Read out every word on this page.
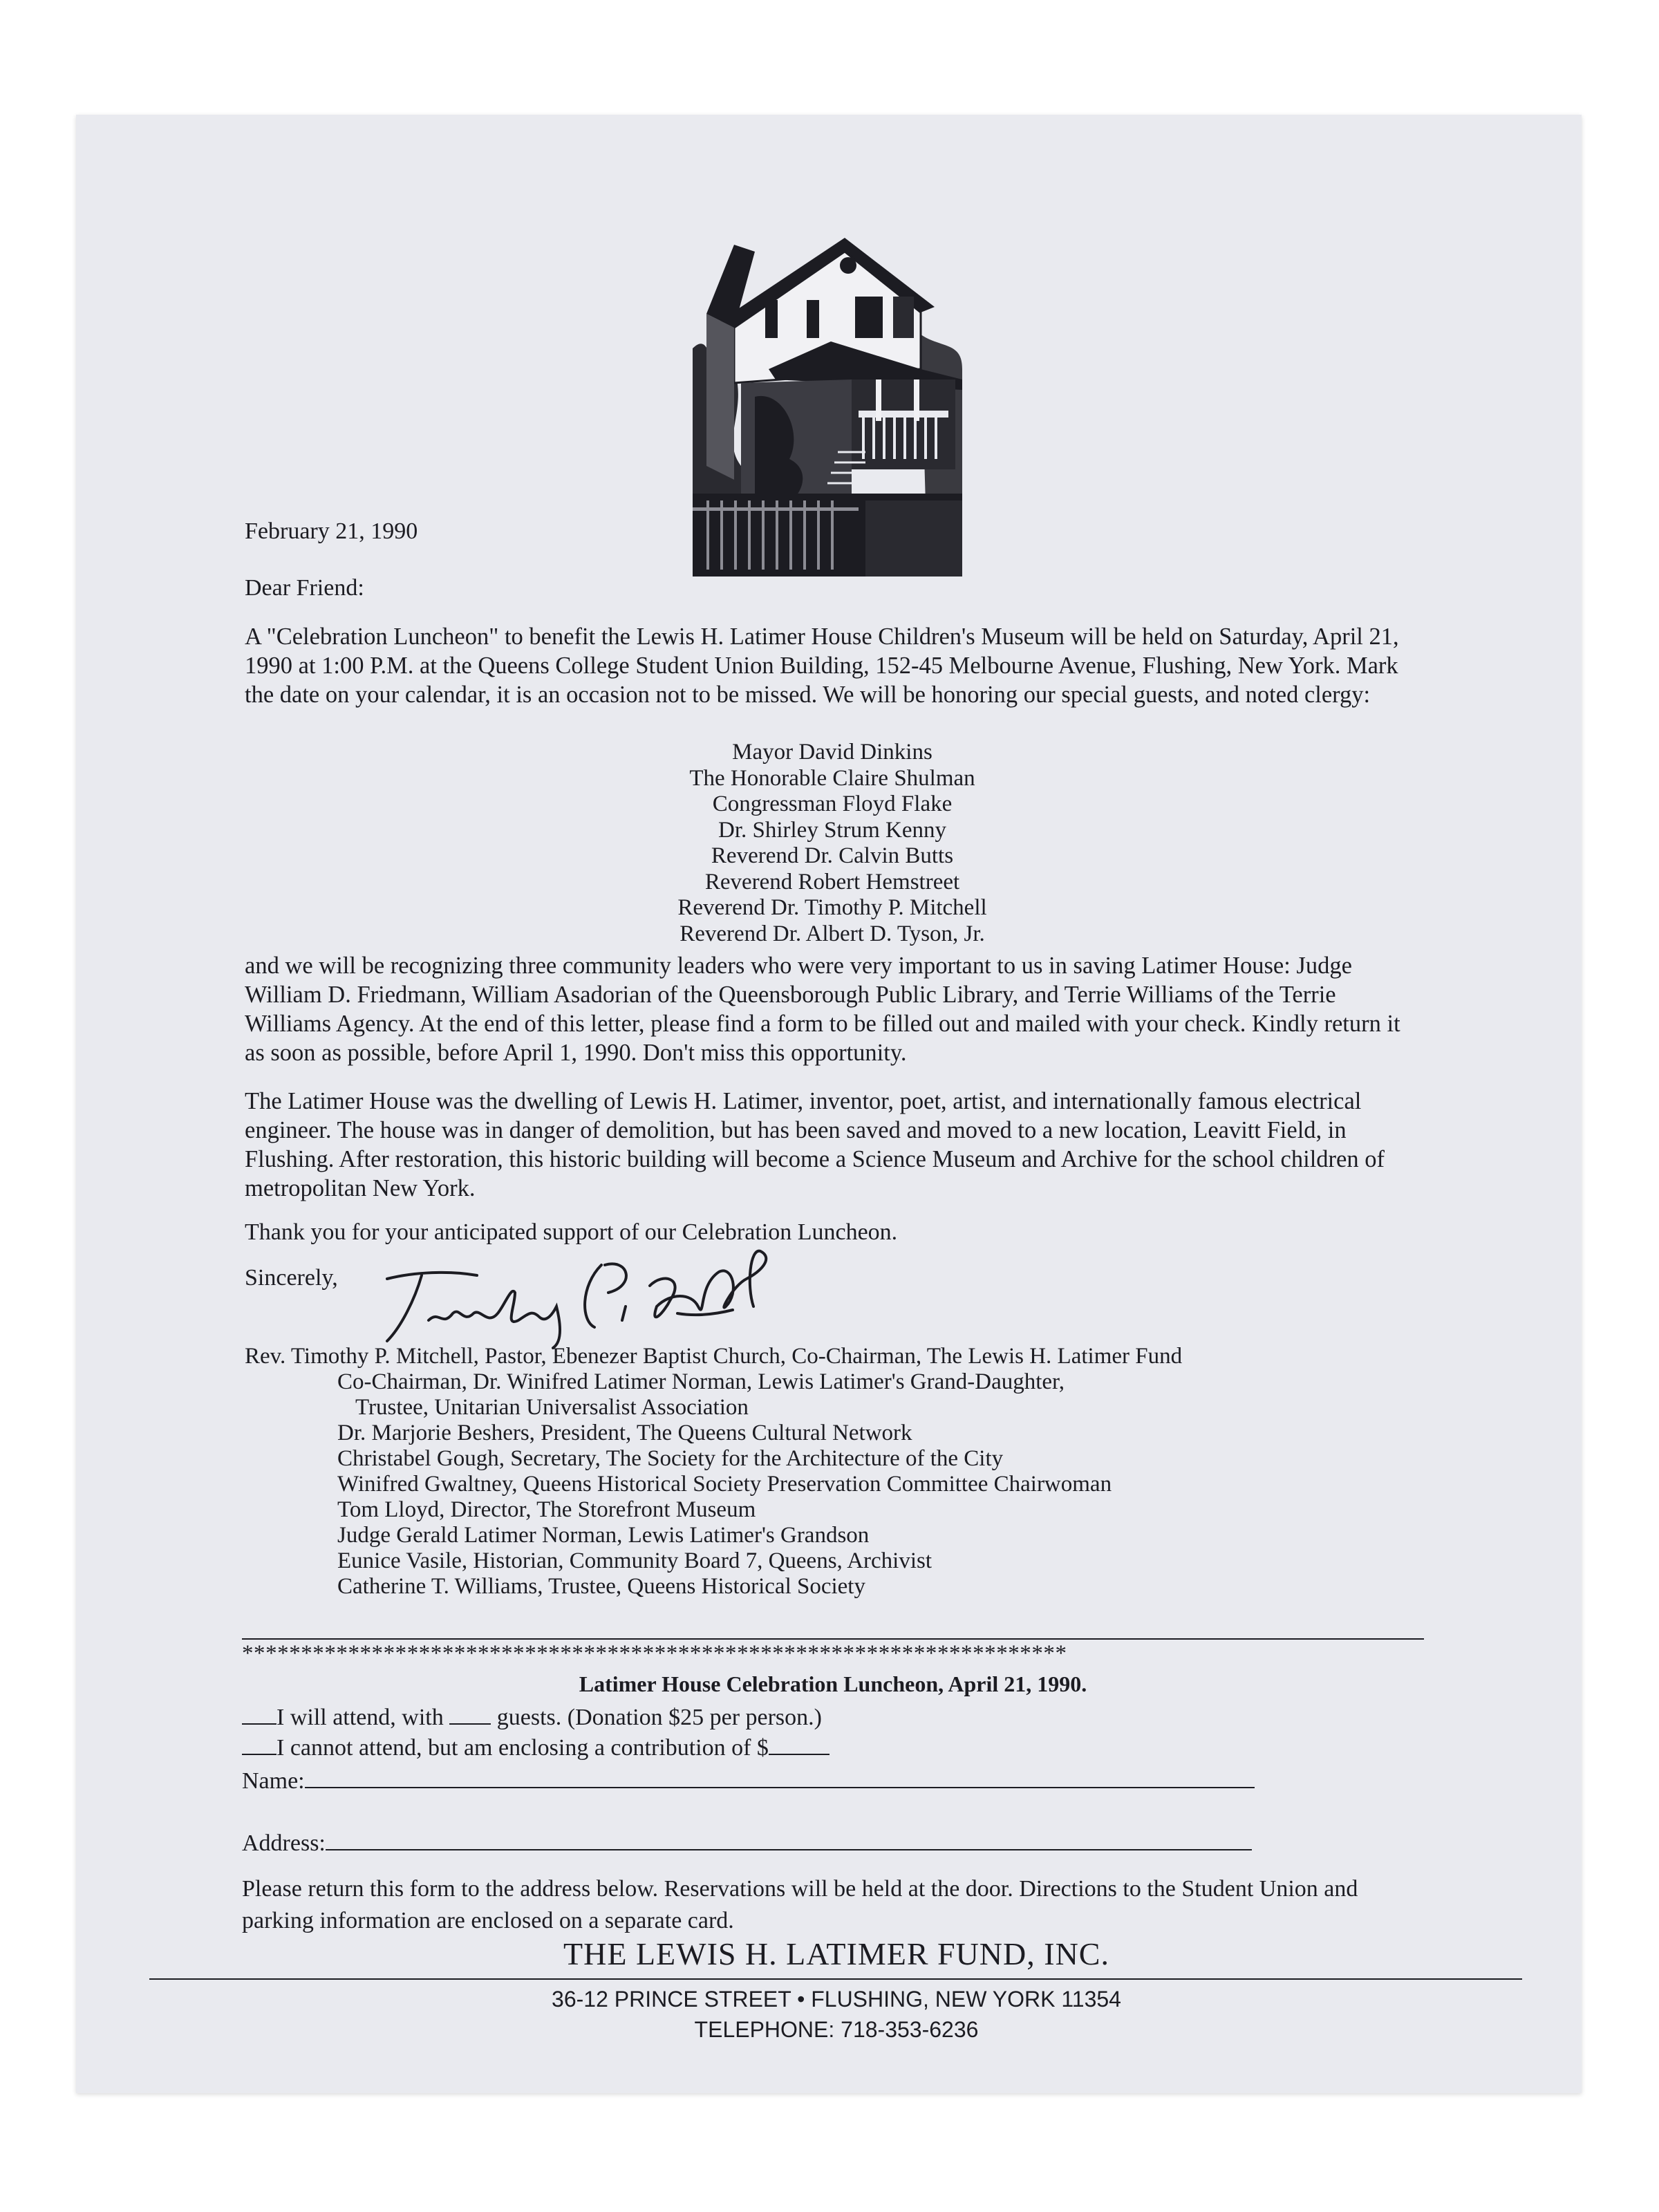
February 21, 1990
Dear Friend:
A "Celebration Luncheon" to benefit the Lewis H. Latimer House Children's Museum will be held on Saturday, April 21, 1990 at 1:00 P.M. at the Queens College Student Union Building, 152-45 Melbourne Avenue, Flushing, New York. Mark the date on your calendar, it is an occasion not to be missed. We will be honoring our special guests, and noted clergy:
Mayor David Dinkins
The Honorable Claire Shulman
Congressman Floyd Flake
Dr. Shirley Strum Kenny
Reverend Dr. Calvin Butts
Reverend Robert Hemstreet
Reverend Dr. Timothy P. Mitchell
Reverend Dr. Albert D. Tyson, Jr.
and we will be recognizing three community leaders who were very important to us in saving Latimer House: Judge William D. Friedmann, William Asadorian of the Queensborough Public Library, and Terrie Williams of the Terrie Williams Agency. At the end of this letter, please find a form to be filled out and mailed with your check. Kindly return it as soon as possible, before April 1, 1990. Don't miss this opportunity.
The Latimer House was the dwelling of Lewis H. Latimer, inventor, poet, artist, and internationally famous electrical engineer. The house was in danger of demolition, but has been saved and moved to a new location, Leavitt Field, in Flushing. After restoration, this historic building will become a Science Museum and Archive for the school children of metropolitan New York.
Thank you for your anticipated support of our Celebration Luncheon.
Sincerely,
Rev. Timothy P. Mitchell, Pastor, Ebenezer Baptist Church, Co-Chairman, The Lewis H. Latimer Fund
Co-Chairman, Dr. Winifred Latimer Norman, Lewis Latimer's Grand-Daughter,
Trustee, Unitarian Universalist Association
Dr. Marjorie Beshers, President, The Queens Cultural Network
Christabel Gough, Secretary, The Society for the Architecture of the City
Winifred Gwaltney, Queens Historical Society Preservation Committee Chairwoman
Tom Lloyd, Director, The Storefront Museum
Judge Gerald Latimer Norman, Lewis Latimer's Grandson
Eunice Vasile, Historian, Community Board 7, Queens, Archivist
Catherine T. Williams, Trustee, Queens Historical Society
**********************************************************************
Latimer House Celebration Luncheon, April 21, 1990.
I will attend, with guests. (Donation $25 per person.)
I cannot attend, but am enclosing a contribution of $
Name:
Address:
Please return this form to the address below. Reservations will be held at the door. Directions to the Student Union and parking information are enclosed on a separate card.
THE LEWIS H. LATIMER FUND, INC.
36-12 PRINCE STREET • FLUSHING, NEW YORK 11354
TELEPHONE: 718-353-6236
